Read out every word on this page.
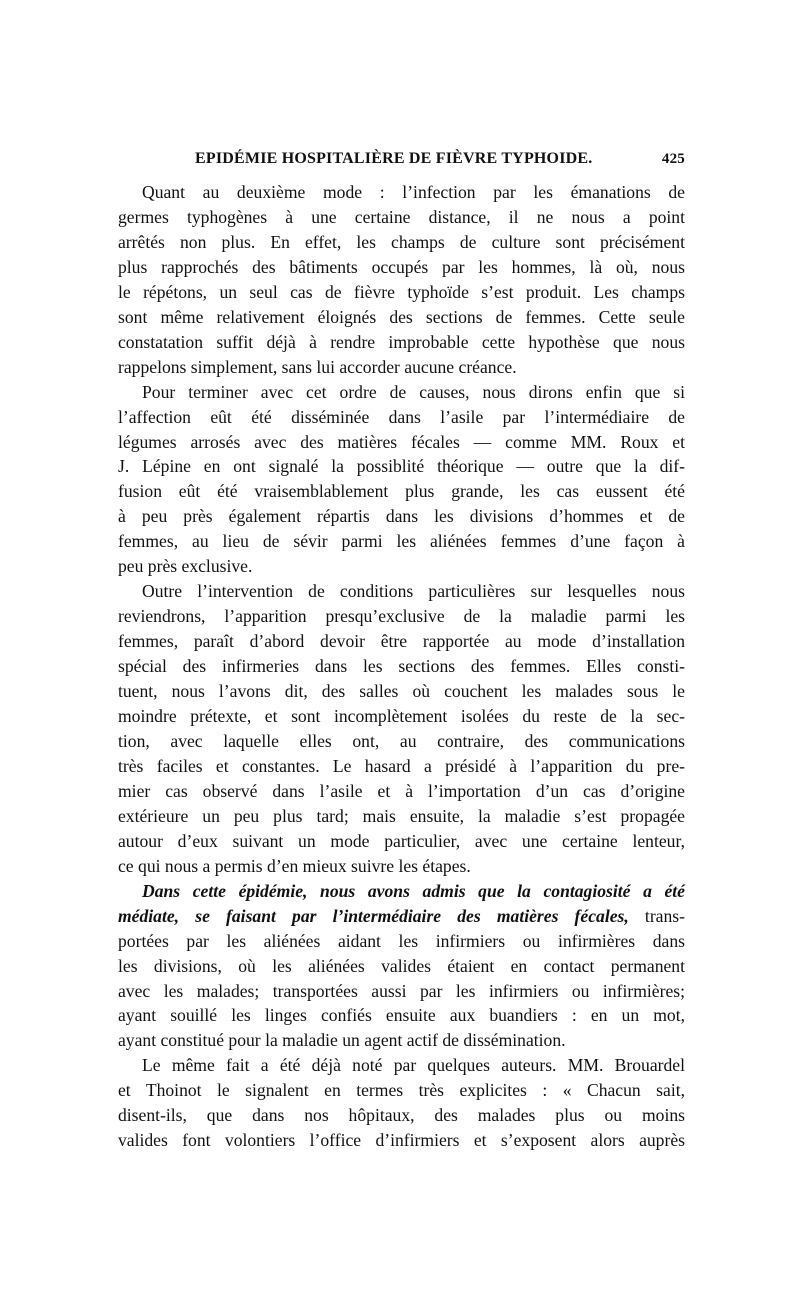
EPIDÉMIE HOSPITALIÈRE DE FIÈVRE TYPHOIDE.	425
Quant au deuxième mode : l’infection par les émanations de
germes typhogènes à une certaine distance, il ne nous a point
arrêtés non plus. En effet, les champs de culture sont précisément
plus rapprochés des bâtiments occupés par les hommes, là où, nous
le répétons, un seul cas de fièvre typhoïde s’est produit. Les champs
sont même relativement éloignés des sections de femmes. Cette seule
constatation suffit déjà à rendre improbable cette hypothèse que nous
rappelons simplement, sans lui accorder aucune créance.
Pour terminer avec cet ordre de causes, nous dirons enfin que si
l’affection eût été disséminée dans l’asile par l’intermédiaire de
légumes arrosés avec des matières fécales — comme MM. Roux et
J. Lépine en ont signalé la possiblité théorique — outre que la dif-
fusion eût été vraisemblablement plus grande, les cas eussent été
à peu près également répartis dans les divisions d’hommes et de
femmes, au lieu de sévir parmi les aliénées femmes d’une façon à
peu près exclusive.
Outre l’intervention de conditions particulières sur lesquelles nous
reviendrons, l’apparition presqu’exclusive de la maladie parmi les
femmes, paraît d’abord devoir être rapportée au mode d’installation
spécial des infirmeries dans les sections des femmes. Elles consti-
tuent, nous l’avons dit, des salles où couchent les malades sous le
moindre prétexte, et sont incomplètement isolées du reste de la sec-
tion, avec laquelle elles ont, au contraire, des communications
très faciles et constantes. Le hasard a présidé à l’apparition du pre-
mier cas observé dans l’asile et à l’importation d’un cas d’origine
extérieure un peu plus tard; mais ensuite, la maladie s’est propagée
autour d’eux suivant un mode particulier, avec une certaine lenteur,
ce qui nous a permis d’en mieux suivre les étapes.
Dans cette épidémie, nous avons admis que la contagiosité a été
médiate, se faisant par l’intermédiaire des matières fécales, trans-
portées par les aliénées aidant les infirmiers ou infirmières dans
les divisions, où les aliénées valides étaient en contact permanent
avec les malades; transportées aussi par les infirmiers ou infirmières;
ayant souillé les linges confiés ensuite aux buandiers : en un mot,
ayant constitué pour la maladie un agent actif de dissémination.
Le même fait a été déjà noté par quelques auteurs. MM. Brouardel
et Thoinot le signalent en termes très explicites : « Chacun sait,
disent-ils, que dans nos hôpitaux, des malades plus ou moins
valides font volontiers l’office d’infirmiers et s’exposent alors auprès
